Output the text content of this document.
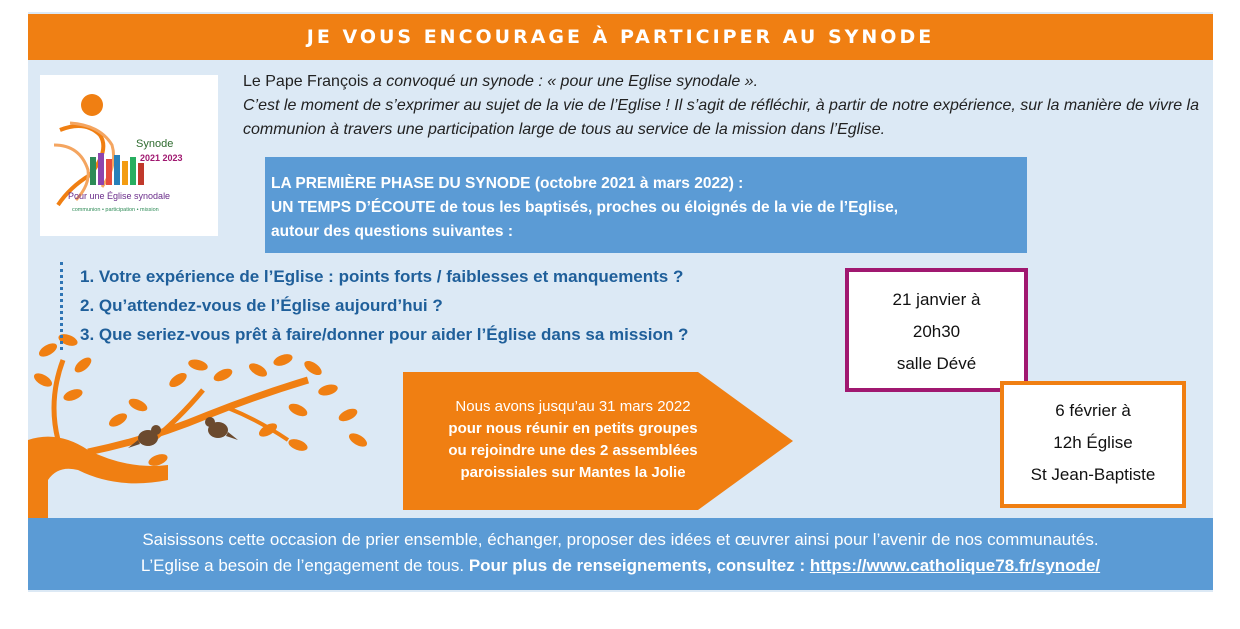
JE VOUS ENCOURAGE À PARTICIPER AU SYNODE
Synode
2021 2023
Pour une Église synodale
communion • participation • mission
Le Pape François a convoqué un synode : « pour une Eglise synodale ».
C’est le moment de s’exprimer au sujet de la vie de l’Eglise ! Il s’agit de réfléchir, à partir de notre expérience, sur la manière de vivre la communion à travers une participation large de tous au service de la mission dans l’Eglise.
LA PREMIÈRE PHASE DU SYNODE (octobre 2021 à mars 2022) :
UN TEMPS D’ÉCOUTE de tous les baptisés, proches ou éloignés de la vie de l’Eglise,
autour des questions suivantes :
1. Votre expérience de l’Eglise : points forts / faiblesses et manquements ?
2. Qu’attendez-vous de l’Église aujourd’hui ?
3. Que seriez-vous prêt à faire/donner pour aider l’Église dans sa mission ?
Nous avons jusqu’au 31 mars 2022
pour nous réunir en petits groupes
ou rejoindre une des 2 assemblées
paroissiales sur Mantes la Jolie
21 janvier à
20h30
salle Dévé
6 février à
12h Église
St Jean-Baptiste
Saisissons cette occasion de prier ensemble, échanger, proposer des idées et œuvrer ainsi pour l’avenir de nos communautés.
L’Eglise a besoin de l’engagement de tous. Pour plus de renseignements, consultez : https://www.catholique78.fr/synode/
